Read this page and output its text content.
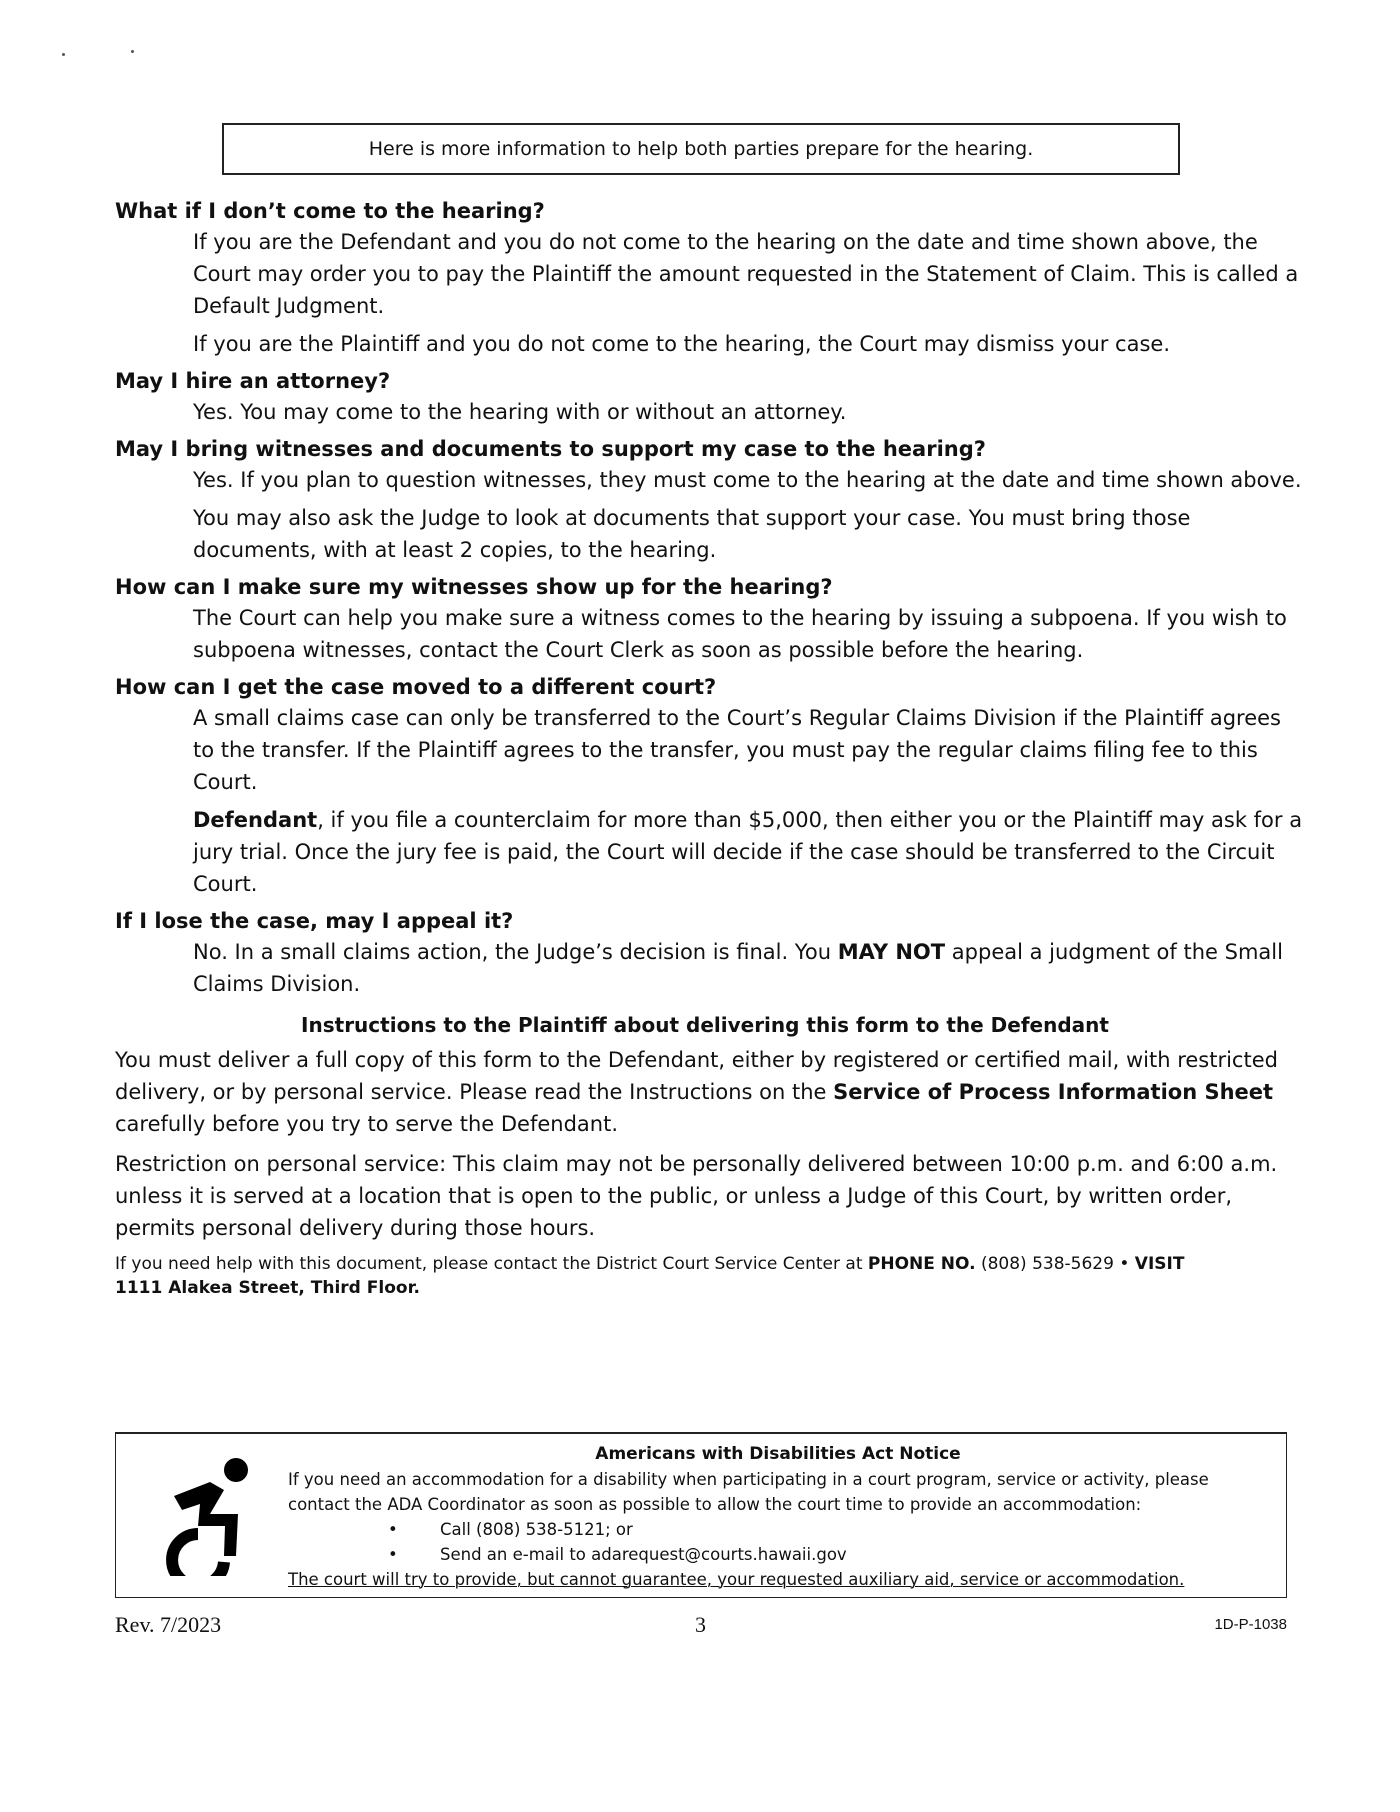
Here is more information to help both parties prepare for the hearing.

What if I don’t come to the hearing?

If you are the Defendant and you do not come to the hearing on the date and time shown above, the Court may order you to pay the Plaintiff the amount requested in the Statement of Claim. This is called a Default Judgment.

If you are the Plaintiff and you do not come to the hearing, the Court may dismiss your case.

May I hire an attorney?

Yes. You may come to the hearing with or without an attorney.

May I bring witnesses and documents to support my case to the hearing?

Yes. If you plan to question witnesses, they must come to the hearing at the date and time shown above.

You may also ask the Judge to look at documents that support your case. You must bring those documents, with at least 2 copies, to the hearing.

How can I make sure my witnesses show up for the hearing?

The Court can help you make sure a witness comes to the hearing by issuing a subpoena. If you wish to subpoena witnesses, contact the Court Clerk as soon as possible before the hearing.

How can I get the case moved to a different court?

A small claims case can only be transferred to the Court’s Regular Claims Division if the Plaintiff agrees to the transfer. If the Plaintiff agrees to the transfer, you must pay the regular claims filing fee to this Court.

Defendant, if you file a counterclaim for more than $5,000, then either you or the Plaintiff may ask for a jury trial. Once the jury fee is paid, the Court will decide if the case should be transferred to the Circuit Court.

If I lose the case, may I appeal it?

No. In a small claims action, the Judge’s decision is final. You MAY NOT appeal a judgment of the Small Claims Division.

Instructions to the Plaintiff about delivering this form to the Defendant

You must deliver a full copy of this form to the Defendant, either by registered or certified mail, with restricted delivery, or by personal service. Please read the Instructions on the Service of Process Information Sheet carefully before you try to serve the Defendant.

Restriction on personal service: This claim may not be personally delivered between 10:00 p.m. and 6:00 a.m. unless it is served at a location that is open to the public, or unless a Judge of this Court, by written order, permits personal delivery during those hours.

If you need help with this document, please contact the District Court Service Center at PHONE NO. (808) 538-5629 • VISIT
1111 Alakea Street, Third Floor.

Americans with Disabilities Act Notice

If you need an accommodation for a disability when participating in a court program, service or activity, please contact the ADA Coordinator as soon as possible to allow the court time to provide an accommodation:

•	Call (808) 538-5121; or
•	Send an e-mail to adarequest@courts.hawaii.gov

The court will try to provide, but cannot guarantee, your requested auxiliary aid, service or accommodation.

Rev. 7/2023	3	1D-P-1038
